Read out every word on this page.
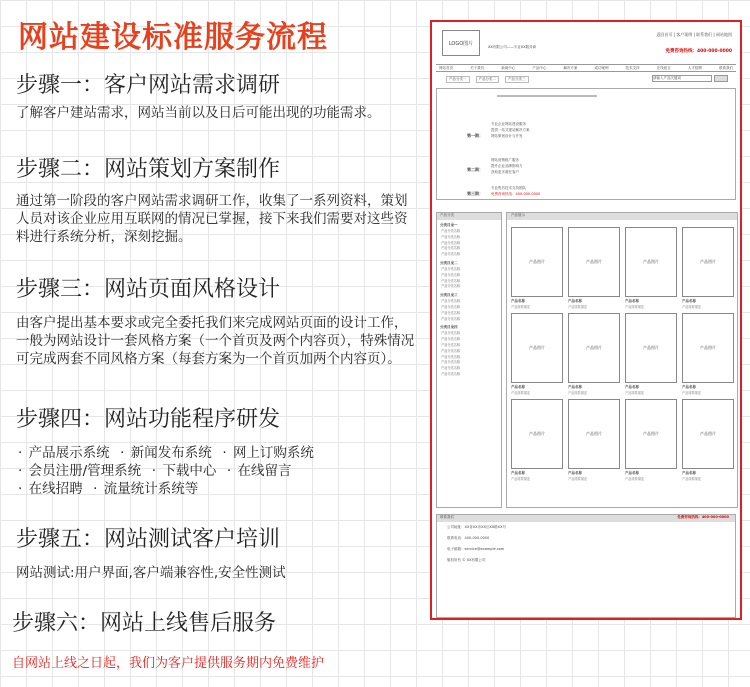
网站建设标准服务流程
步骤一：客户网站需求调研
了解客户建站需求，网站当前以及日后可能出现的功能需求。
步骤二：网站策划方案制作
通过第一阶段的客户网站需求调研工作，收集了一系列资料，策划人员对该企业应用互联网的情况已掌握，接下来我们需要对这些资料进行系统分析，深刻挖掘。
步骤三：网站页面风格设计
由客户提出基本要求或完全委托我们来完成网站页面的设计工作，一般为网站设计一套风格方案（一个首页及两个内容页），特殊情况可完成两套不同风格方案（每套方案为一个首页加两个内容页）。
步骤四：网站功能程序研发
· 产品展示系统  · 新闻发布系统  · 网上订购系统
· 会员注册/管理系统  · 下载中心  · 在线留言
· 在线招聘  · 流量统计系统等
步骤五：网站测试客户培训
网站测试:用户界面,客户端兼容性,安全性测试
步骤六：网站上线售后服务
自网站上线之日起，我们为客户提供服务期内免费维护
LOGO图片
XX有限公司——专业XX服务商
返回首页 | 客户案例 | 联系我们 | 网站地图
免费咨询热线：400-000-0000
网站首页	关于我们	新闻中心	产品中心	解决方案	成功案例	技术支持	在线留言	人才招聘	联系我们
产品分类一	产品分类二	产品分类三	请输入产品关键词
第一期：
专业企业网站建设服务
提供一站式建站解决方案
网站策划设计与开发
第二期：
网站营销推广服务
提升企业品牌影响力
获取更多潜在客户
第三期：
专业售后技术支持团队
免费咨询热线：400-000-0000
产品分类
分类目录一
产品分类名称
产品分类名称
产品分类名称
产品分类名称
产品分类名称
分类目录二
产品分类名称
产品分类名称
产品分类名称
产品分类名称
分类目录三
产品分类名称
产品分类名称
产品分类名称
产品分类名称
分类目录四
产品分类名称
产品分类名称
产品分类名称
产品分类名称
产品分类名称
产品分类名称
产品分类名称
产品分类名称
产品展示
产品图片
产品名称
产品简要描述
产品图片
产品名称
产品简要描述
产品图片
产品名称
产品简要描述
产品图片
产品名称
产品简要描述
产品图片
产品名称
产品简要描述
产品图片
产品名称
产品简要描述
产品图片
产品名称
产品简要描述
产品图片
产品名称
产品简要描述
产品图片
产品名称
产品简要描述
产品图片
产品名称
产品简要描述
产品图片
产品名称
产品简要描述
产品图片
产品名称
产品简要描述
联系我们	免费咨询热线：400-000-0000
公司地址：XX省XX市XX区XX路XX号
联系电话：400-000-0000
电子邮箱：service@example.com
版权所有 © XX有限公司
